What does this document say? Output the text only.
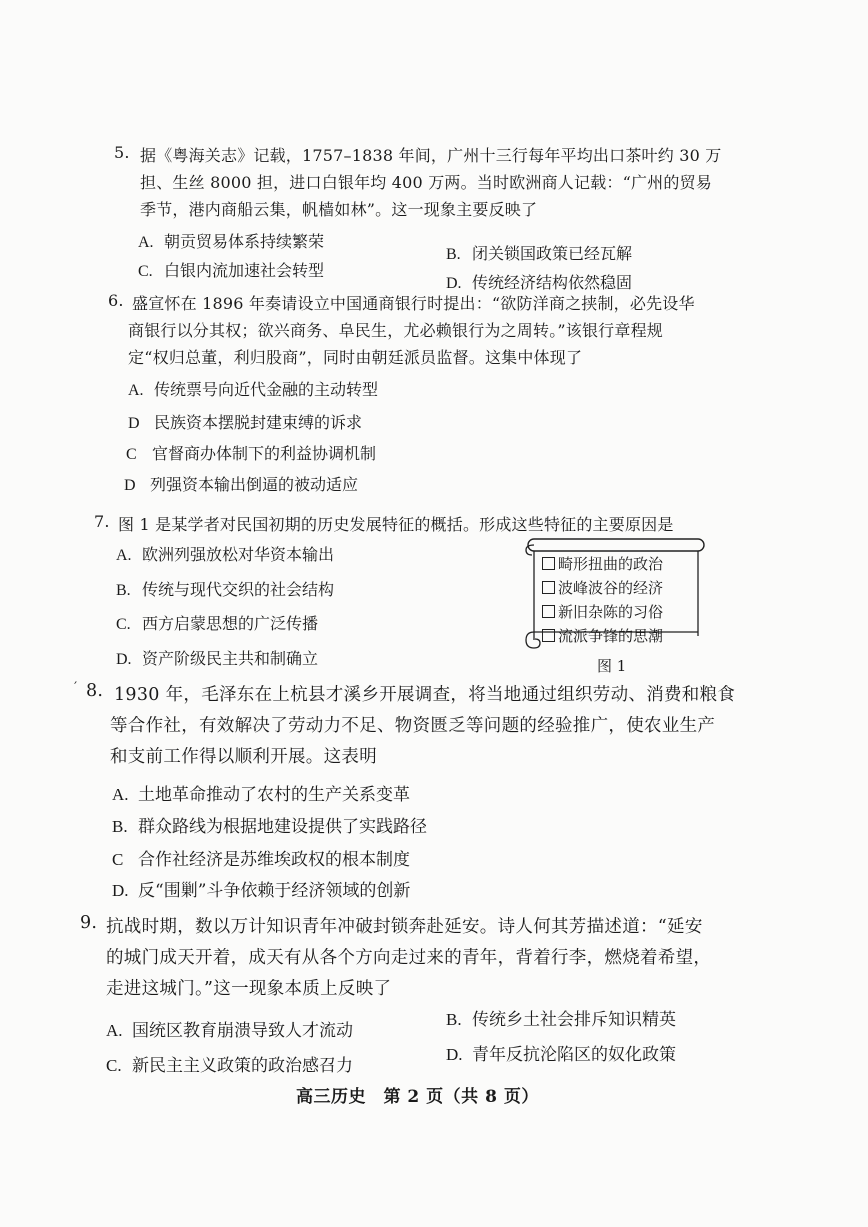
5. 据《粤海关志》记载，1757–1838 年间，广州十三行每年平均出口茶叶约 30 万
担、生丝 8000 担，进口白银年均 400 万两。当时欧洲商人记载：“广州的贸易
季节，港内商船云集，帆樯如林”。这一现象主要反映了
A. 朝贡贸易体系持续繁荣
B. 闭关锁国政策已经瓦解
C. 白银内流加速社会转型
D. 传统经济结构依然稳固
6. 盛宣怀在 1896 年奏请设立中国通商银行时提出：“欲防洋商之挟制，必先设华
商银行以分其权；欲兴商务、阜民生，尤必赖银行为之周转。”该银行章程规
定“权归总董，利归股商”，同时由朝廷派员监督。这集中体现了
A. 传统票号向近代金融的主动转型
D 民族资本摆脱封建束缚的诉求
C 官督商办体制下的利益协调机制
D 列强资本输出倒逼的被动适应
7. 图 1 是某学者对民国初期的历史发展特征的概括。形成这些特征的主要原因是
A. 欧洲列强放松对华资本输出
B. 传统与现代交织的社会结构
C. 西方启蒙思想的广泛传播
D. 资产阶级民主共和制确立
畸形扭曲的政治
波峰波谷的经济
新旧杂陈的习俗
流派争锋的思潮
图 1
′ 8. 1930 年，毛泽东在上杭县才溪乡开展调查，将当地通过组织劳动、消费和粮食
等合作社，有效解决了劳动力不足、物资匮乏等问题的经验推广，使农业生产
和支前工作得以顺利开展。这表明
A. 土地革命推动了农村的生产关系变革
B. 群众路线为根据地建设提供了实践路径
C 合作社经济是苏维埃政权的根本制度
D. 反“围剿”斗争依赖于经济领域的创新
9. 抗战时期，数以万计知识青年冲破封锁奔赴延安。诗人何其芳描述道：“延安
的城门成天开着，成天有从各个方向走过来的青年，背着行李，燃烧着希望，
走进这城门。”这一现象本质上反映了
A. 国统区教育崩溃导致人才流动
B. 传统乡土社会排斥知识精英
C. 新民主主义政策的政治感召力
D. 青年反抗沦陷区的奴化政策
高三历史　第 2 页（共 8 页）
